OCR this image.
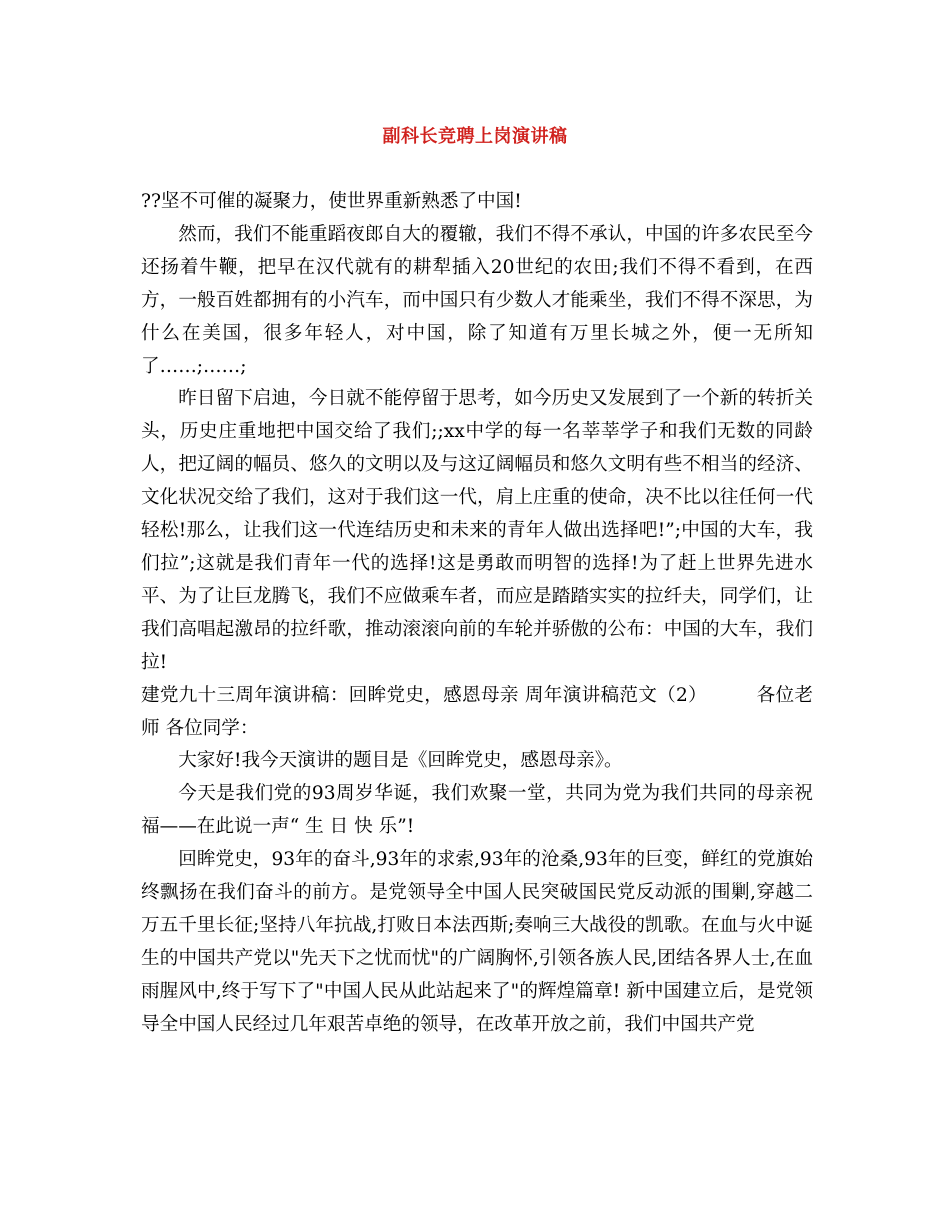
副科长竞聘上岗演讲稿

??坚不可催的凝聚力，使世界重新熟悉了中国!

然而，我们不能重蹈夜郎自大的覆辙，我们不得不承认，中国的许多农民至今还扬着牛鞭，把早在汉代就有的耕犁插入20世纪的农田;我们不得不看到，在西方，一般百姓都拥有的小汽车，而中国只有少数人才能乘坐，我们不得不深思，为什么在美国，很多年轻人，对中国，除了知道有万里长城之外，便一无所知了……;……;

昨日留下启迪，今日就不能停留于思考，如今历史又发展到了一个新的转折关头，历史庄重地把中国交给了我们;;xx中学的每一名莘莘学子和我们无数的同龄人，把辽阔的幅员、悠久的文明以及与这辽阔幅员和悠久文明有些不相当的经济、文化状况交给了我们，这对于我们这一代，肩上庄重的使命，决不比以往任何一代轻松!那么，让我们这一代连结历史和未来的青年人做出选择吧!”;中国的大车，我们拉”;这就是我们青年一代的选择!这是勇敢而明智的选择!为了赶上世界先进水平、为了让巨龙腾飞，我们不应做乘车者，而应是踏踏实实的拉纤夫，同学们，让我们高唱起激昂的拉纤歌，推动滚滚向前的车轮并骄傲的公布：中国的大车，我们拉!

建党九十三周年演讲稿：回眸党史，感恩母亲 周年演讲稿范文（2）        各位老师 各位同学：

大家好!我今天演讲的题目是《回眸党史，感恩母亲》。

今天是我们党的93周岁华诞，我们欢聚一堂，共同为党为我们共同的母亲祝福——在此说一声“ 生 日 快 乐”!

回眸党史，93年的奋斗,93年的求索,93年的沧桑,93年的巨变，鲜红的党旗始终飘扬在我们奋斗的前方。是党领导全中国人民突破国民党反动派的围剿,穿越二万五千里长征;坚持八年抗战,打败日本法西斯;奏响三大战役的凯歌。在血与火中诞生的中国共产党以"先天下之忧而忧"的广阔胸怀,引领各族人民,团结各界人士,在血雨腥风中,终于写下了"中国人民从此站起来了"的辉煌篇章! 新中国建立后，是党领导全中国人民经过几年艰苦卓绝的领导，在改革开放之前，我们中国共产党
